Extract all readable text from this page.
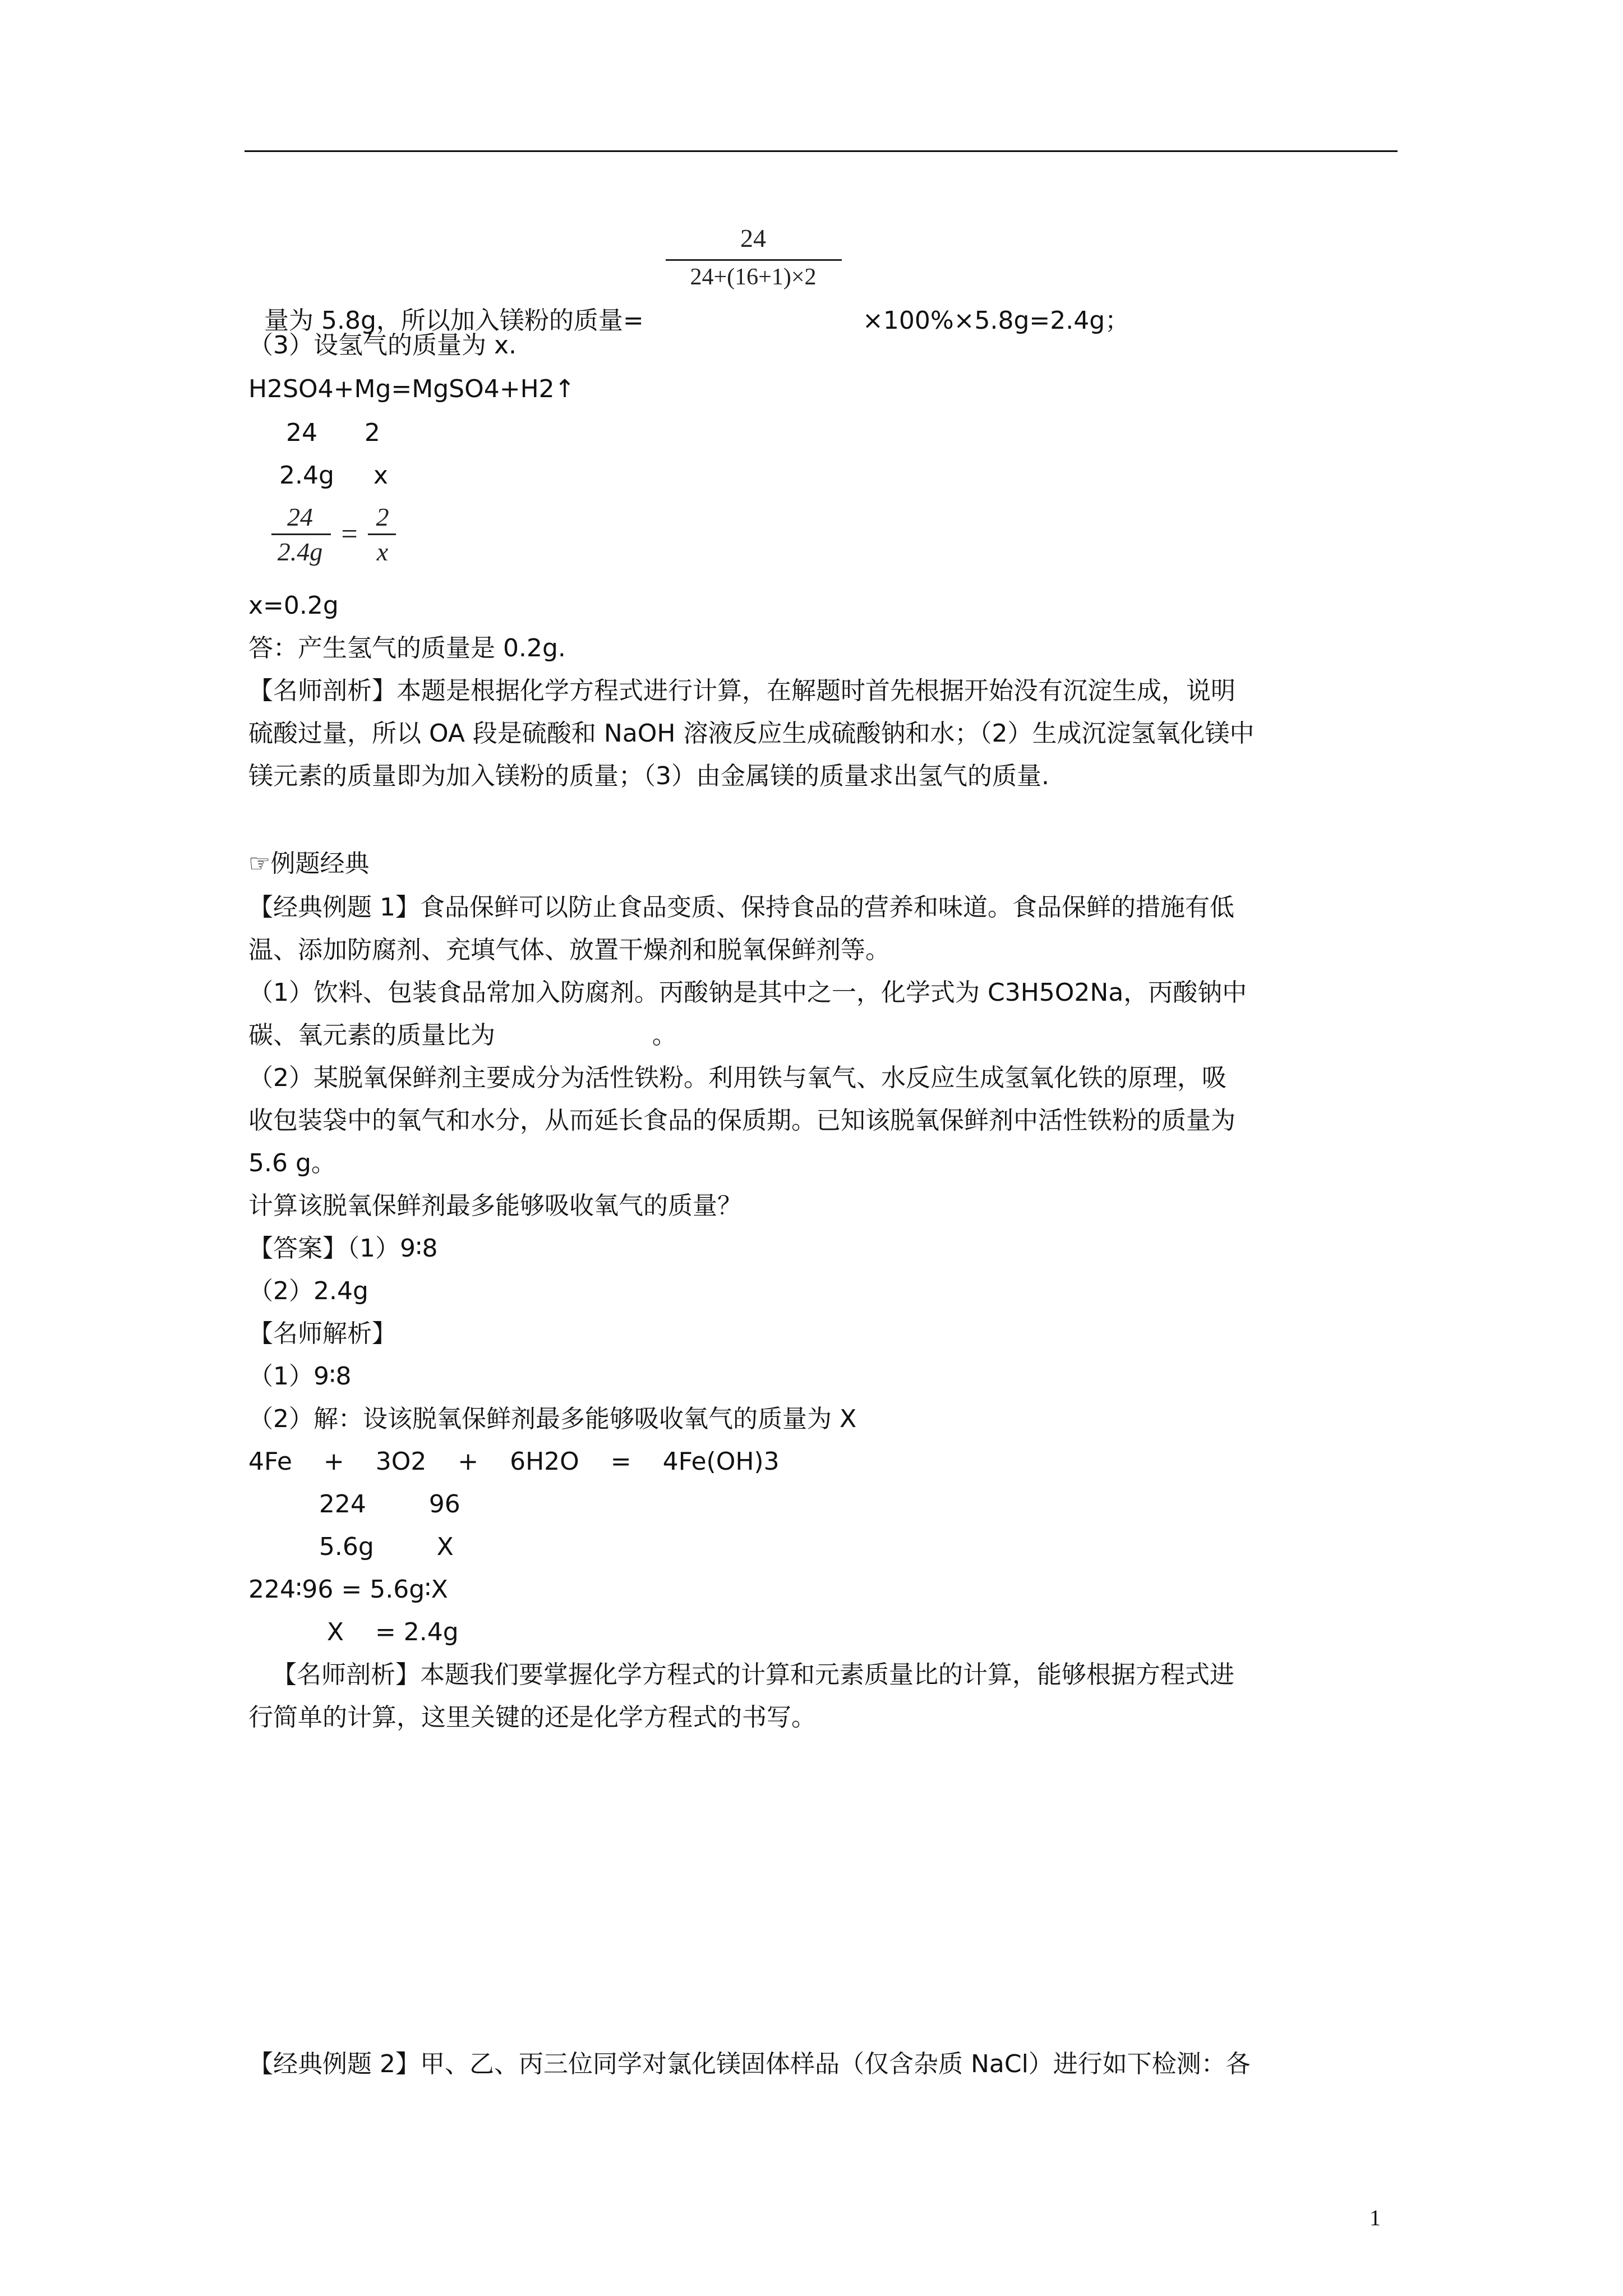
量为 5.8g，所以加入镁粉的质量=

24
24+(16+1)×2

×100%×5.8g=2.4g；

（3）设氢气的质量为 x.
H2SO4+Mg=MgSO4+H2↑
24      2
2.4g     x
24
2.4g
=
2
x
x=0.2g
答：产生氢气的质量是 0.2g.
【名师剖析】本题是根据化学方程式进行计算，在解题时首先根据开始没有沉淀生成，说明
硫酸过量，所以 OA 段是硫酸和 NaOH 溶液反应生成硫酸钠和水；（2）生成沉淀氢氧化镁中
镁元素的质量即为加入镁粉的质量；（3）由金属镁的质量求出氢气的质量.
☞例题经典
【经典例题 1】食品保鲜可以防止食品变质、保持食品的营养和味道。食品保鲜的措施有低
温、添加防腐剂、充填气体、放置干燥剂和脱氧保鲜剂等。
（1）饮料、包装食品常加入防腐剂。丙酸钠是其中之一，化学式为 C3H5O2Na，丙酸钠中
碳、氧元素的质量比为                    。
（2）某脱氧保鲜剂主要成分为活性铁粉。利用铁与氧气、水反应生成氢氧化铁的原理，吸
收包装袋中的氧气和水分，从而延长食品的保质期。已知该脱氧保鲜剂中活性铁粉的质量为
5.6 g。
计算该脱氧保鲜剂最多能够吸收氧气的质量？
【答案】（1）9∶8
（2）2.4g
【名师解析】
（1）9∶8
（2）解：设该脱氧保鲜剂最多能够吸收氧气的质量为 X
4Fe    +    3O2    +    6H2O    =    4Fe(OH)3
224        96
5.6g        X
224∶96 = 5.6g∶X
X    = 2.4g
【名师剖析】本题我们要掌握化学方程式的计算和元素质量比的计算，能够根据方程式进
行简单的计算，这里关键的还是化学方程式的书写。
【经典例题 2】甲、乙、丙三位同学对氯化镁固体样品（仅含杂质 NaCl）进行如下检测：各
1
